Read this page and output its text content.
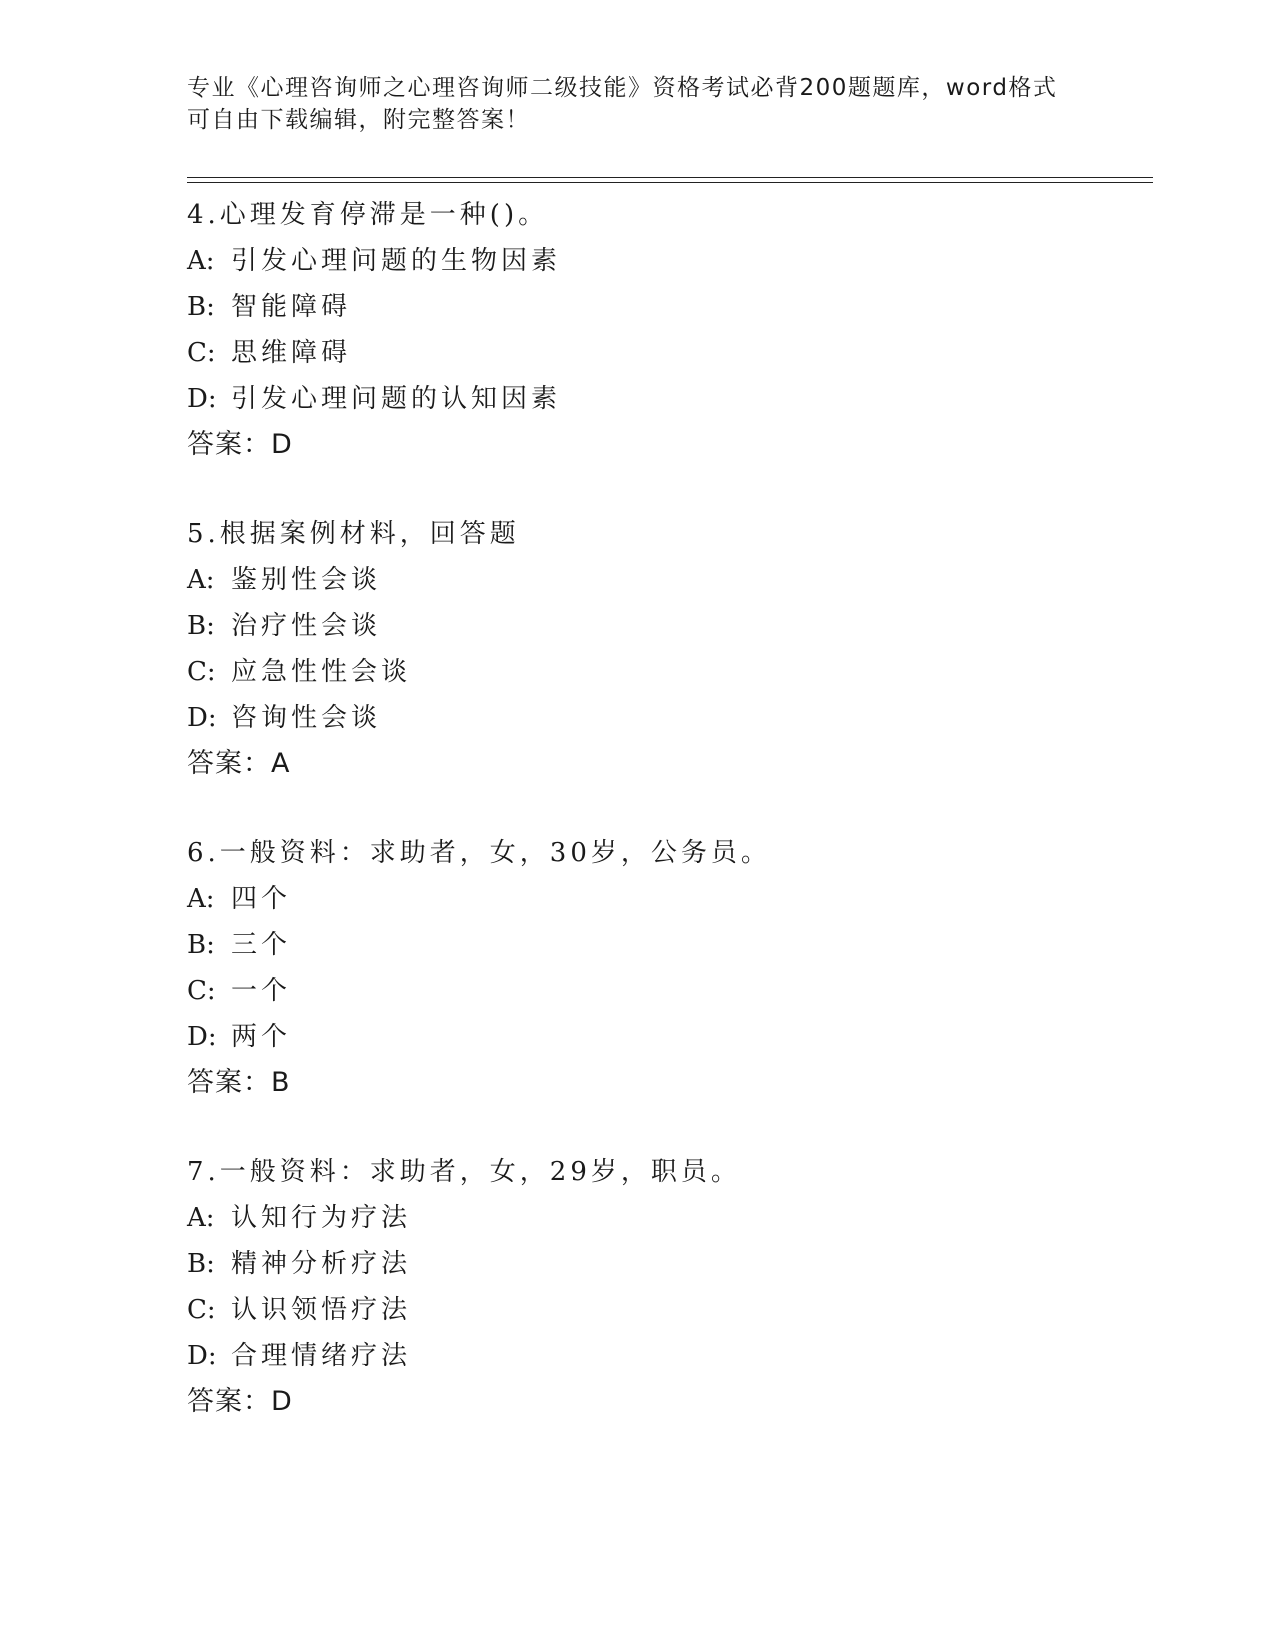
专业《心理咨询师之心理咨询师二级技能》资格考试必背200题题库，word格式
可自由下载编辑，附完整答案！
4.心理发育停滞是一种()。
A: 引发心理问题的生物因素
B: 智能障碍
C: 思维障碍
D: 引发心理问题的认知因素
答案：D
5.根据案例材料，回答题
A: 鉴别性会谈
B: 治疗性会谈
C: 应急性性会谈
D: 咨询性会谈
答案：A
6.一般资料：求助者，女，30岁，公务员。
A: 四个
B: 三个
C: 一个
D: 两个
答案：B
7.一般资料：求助者，女，29岁，职员。
A: 认知行为疗法
B: 精神分析疗法
C: 认识领悟疗法
D: 合理情绪疗法
答案：D
